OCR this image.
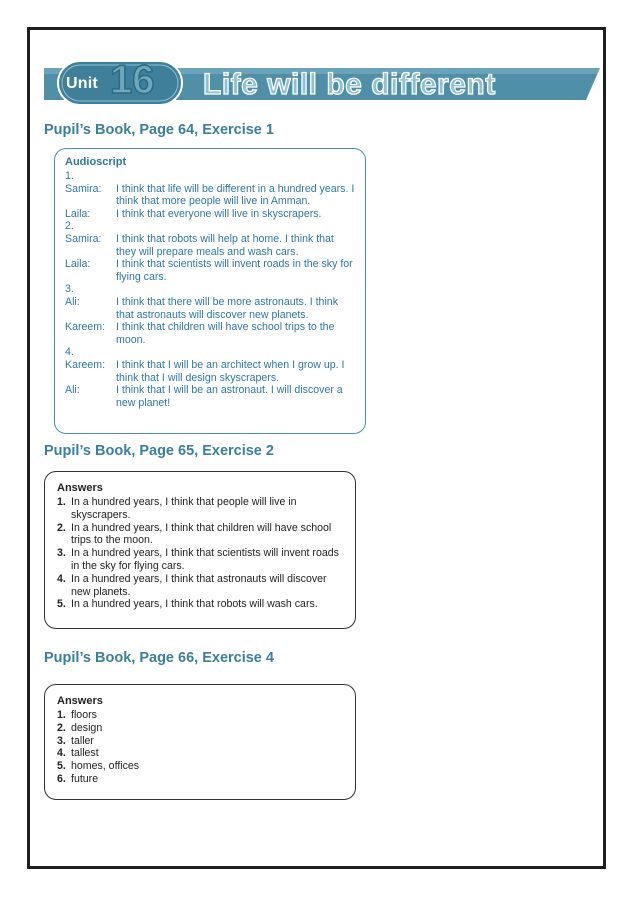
Unit 16 Life will be different
Pupil’s Book, Page 64, Exercise 1

Audioscript

1.
Samira:	I think that life will be different in a hundred years. I think that more people will live in Amman.
Laila:	I think that everyone will live in skyscrapers.
2.
Samira:	I think that robots will help at home. I think that they will prepare meals and wash cars.
Laila:	I think that scientists will invent roads in the sky for flying cars.
3.
Ali:	I think that there will be more astronauts. I think that astronauts will discover new planets.
Kareem:	I think that children will have school trips to the moon.
4.
Kareem:	I think that I will be an architect when I grow up. I think that I will design skyscrapers.
Ali:	I think that I will be an astronaut. I will discover a new planet!
Pupil’s Book, Page 65, Exercise 2

Answers

1. In a hundred years, I think that people will live in skyscrapers.
2. In a hundred years, I think that children will have school trips to the moon.
3. In a hundred years, I think that scientists will invent roads in the sky for flying cars.
4. In a hundred years, I think that astronauts will discover new planets.
5. In a hundred years, I think that robots will wash cars.
Pupil’s Book, Page 66, Exercise 4

Answers

1. floors
2. design
3. taller
4. tallest
5. homes, offices
6. future
